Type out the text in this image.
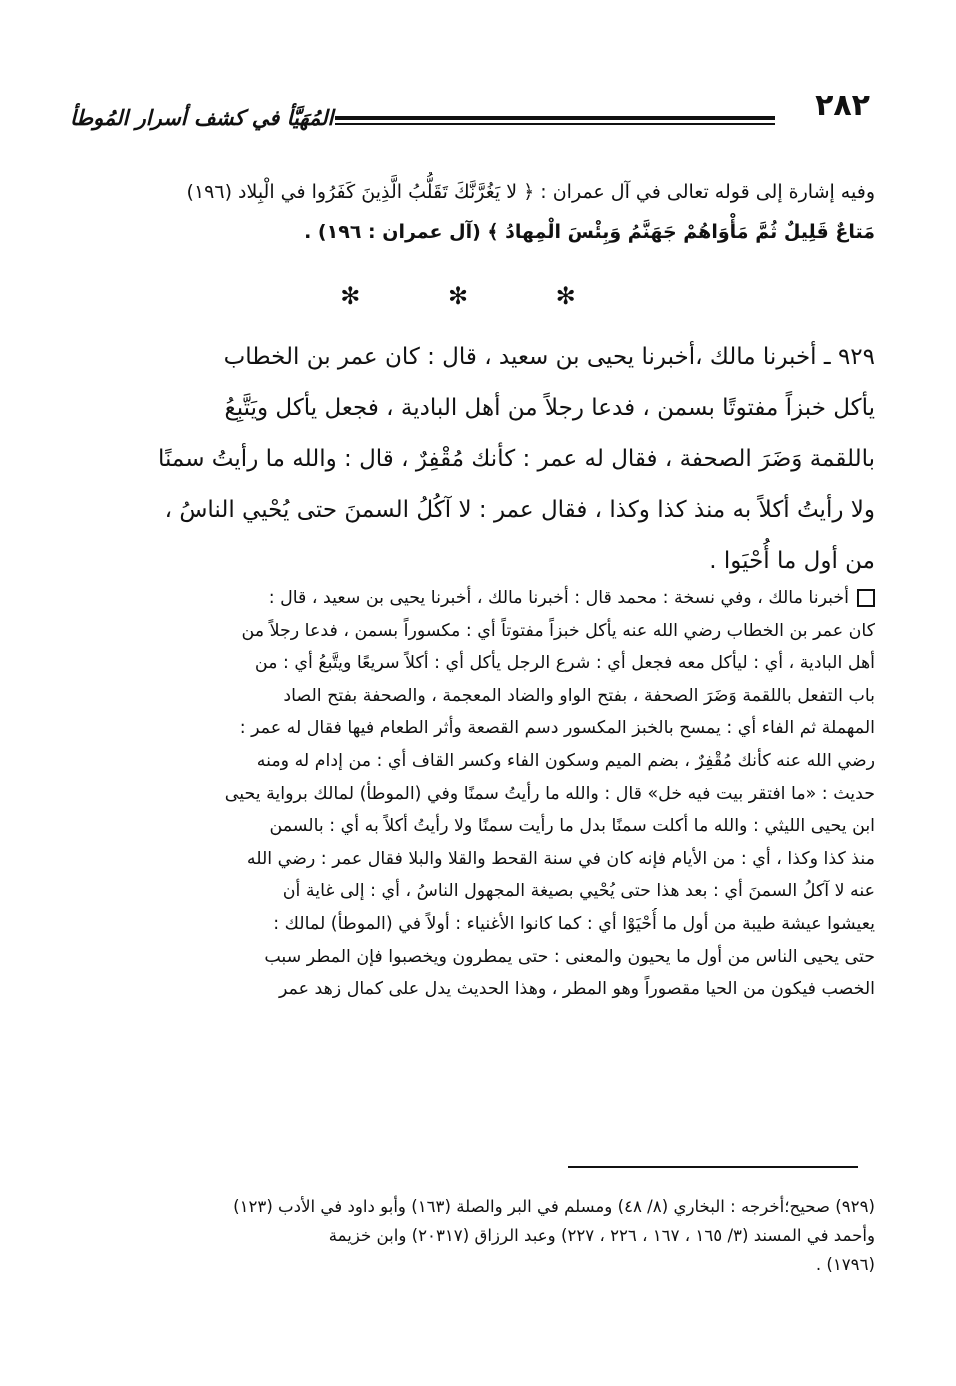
٢٨٢
المُهَيَّأ في كشف أسرار المُوطأ
وفيه إشارة إلى قوله تعالى في آل عمران : ﴿ لا يَغُرَّنَّكَ تَقَلُّبُ الَّذِينَ كَفَرُوا في الْبِلاد (١٩٦)
مَتاعٌ قَلِيلٌ ثُمَّ مَأْوَاهُمْ جَهَنَّمُ وَبِئْسَ الْمِهادُ ﴾ (آل عمران : ١٩٦) .
✻ ✻ ✻
٩٢٩ ـ أخبرنا مالك ،أخبرنا يحيى بن سعيد ، قال : كان عمر بن الخطاب
يأكل خبزاً مفتوتًا بسمن ، فدعا رجلاً من أهل البادية ، فجعل يأكل ويَتَّبِعُ
باللقمة وَضَرَ الصحفة ، فقال له عمر : كأنك مُقْفِرٌ ، قال : والله ما رأيتُ سمنًا
ولا رأيتُ أكلاً به منذ كذا وكذا ، فقال عمر : لا آكُلُ السمنَ حتى يُحْيي الناسُ ،
من أول ما أُحْيَوا .
أخبرنا مالك ، وفي نسخة : محمد قال : أخبرنا مالك ، أخبرنا يحيى بن سعيد ، قال :
كان عمر بن الخطاب رضي الله عنه يأكل خبزاً مفتوتاً أي : مكسوراً بسمن ، فدعا رجلاً من
أهل البادية ، أي : ليأكل معه فجعل أي : شرع الرجل يأكل أي : أكلاً سريعًا ويتَّبعُ أي : من
باب التفعل باللقمة وَضَرَ الصحفة ، بفتح الواو والضاد المعجمة ، والصحفة بفتح الصاد
المهملة ثم الفاء أي : يمسح بالخبز المكسور دسم القصعة وأثر الطعام فيها فقال له عمر :
رضي الله عنه كأنك مُقْفِرٌ ، بضم الميم وسكون الفاء وكسر القاف أي : من إدام له ومنه
حديث : «ما افتقر بيت فيه خل» قال : والله ما رأيتُ سمنًا وفي (الموطأ) لمالك برواية يحيى
ابن يحيى الليثي : والله ما أكلت سمنًا بدل ما رأيت سمنًا ولا رأيتُ أكلاً به أي : بالسمن
منذ كذا وكذا ، أي : من الأيام فإنه كان في سنة القحط والقلا والبلا فقال عمر : رضي الله
عنه لا آكلُ السمنَ أي : بعد هذا حتى يُحْيي بصيغة المجهول الناسُ ، أي : إلى غاية أن
يعيشوا عيشة طيبة من أول ما أُحْيَوْا أي : كما كانوا الأغنياء : أولاً في (الموطأ) لمالك :
حتى يحيى الناس من أول ما يحيون والمعنى : حتى يمطرون ويخصبوا فإن المطر سبب
الخصب فيكون من الحيا مقصوراً وهو المطر ، وهذا الحديث يدل على كمال زهد عمر
(٩٢٩) صحيح؛أخرجه : البخاري (٨/ ٤٨) ومسلم في البر والصلة (١٦٣) وأبو داود في الأدب (١٢٣)
وأحمد في المسند (٣/ ١٦٥ ، ١٦٧ ، ٢٢٦ ، ٢٢٧) وعبد الرزاق (٢٠٣١٧) وابن خزيمة
(١٧٩٦) .
